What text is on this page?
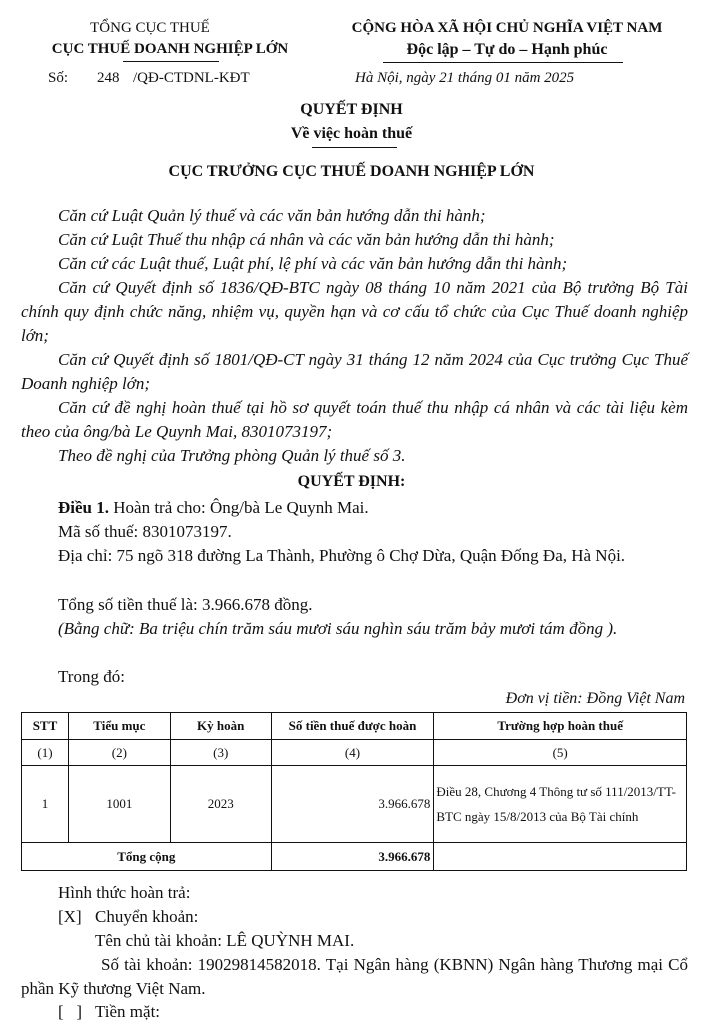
TỔNG CỤC THUẾ
CỤC THUẾ DOANH NGHIỆP LỚN
Số: 248 /QĐ-CTDNL-KĐT
CỘNG HÒA XÃ HỘI CHỦ NGHĨA VIỆT NAM
Độc lập – Tự do – Hạnh phúc
Hà Nội, ngày 21 tháng 01 năm 2025
QUYẾT ĐỊNH
Về việc hoàn thuế
CỤC TRƯỞNG CỤC THUẾ DOANH NGHIỆP LỚN
Căn cứ Luật Quản lý thuế và các văn bản hướng dẫn thi hành;
Căn cứ Luật Thuế thu nhập cá nhân và các văn bản hướng dẫn thi hành;
Căn cứ các Luật thuế, Luật phí, lệ phí và các văn bản hướng dẫn thi hành;
Căn cứ Quyết định số 1836/QĐ-BTC ngày 08 tháng 10 năm 2021 của Bộ trưởng Bộ Tài chính quy định chức năng, nhiệm vụ, quyền hạn và cơ cấu tổ chức của Cục Thuế doanh nghiệp lớn;
Căn cứ Quyết định số 1801/QĐ-CT ngày 31 tháng 12 năm 2024 của Cục trưởng Cục Thuế Doanh nghiệp lớn;
Căn cứ đề nghị hoàn thuế tại hồ sơ quyết toán thuế thu nhập cá nhân và các tài liệu kèm theo của ông/bà Le Quynh Mai, 8301073197;
Theo đề nghị của Trưởng phòng Quản lý thuế số 3.
QUYẾT ĐỊNH:
Điều 1. Hoàn trả cho: Ông/bà Le Quynh Mai.
Mã số thuế: 8301073197.
Địa chỉ: 75 ngõ 318 đường La Thành, Phường ô Chợ Dừa, Quận Đống Đa, Hà Nội.
Tổng số tiền thuế là: 3.966.678 đồng.
(Bằng chữ: Ba triệu chín trăm sáu mươi sáu nghìn sáu trăm bảy mươi tám đồng ).
Trong đó:
Đơn vị tiền: Đồng Việt Nam
STT	Tiểu mục	Kỳ hoàn	Số tiền thuế được hoàn	Trường hợp hoàn thuế
(1)	(2)	(3)	(4)	(5)
1	1001	2023	3.966.678	Điều 28, Chương 4 Thông tư số 111/2013/TT-BTC ngày 15/8/2013 của Bộ Tài chính
Tổng cộng			3.966.678	
Hình thức hoàn trả:
[X] Chuyển khoản:
Tên chủ tài khoản: LÊ QUỲNH MAI.
Số tài khoản: 19029814582018. Tại Ngân hàng (KBNN) Ngân hàng Thương mại Cổ phần Kỹ thương Việt Nam.
[   ] Tiền mặt:
